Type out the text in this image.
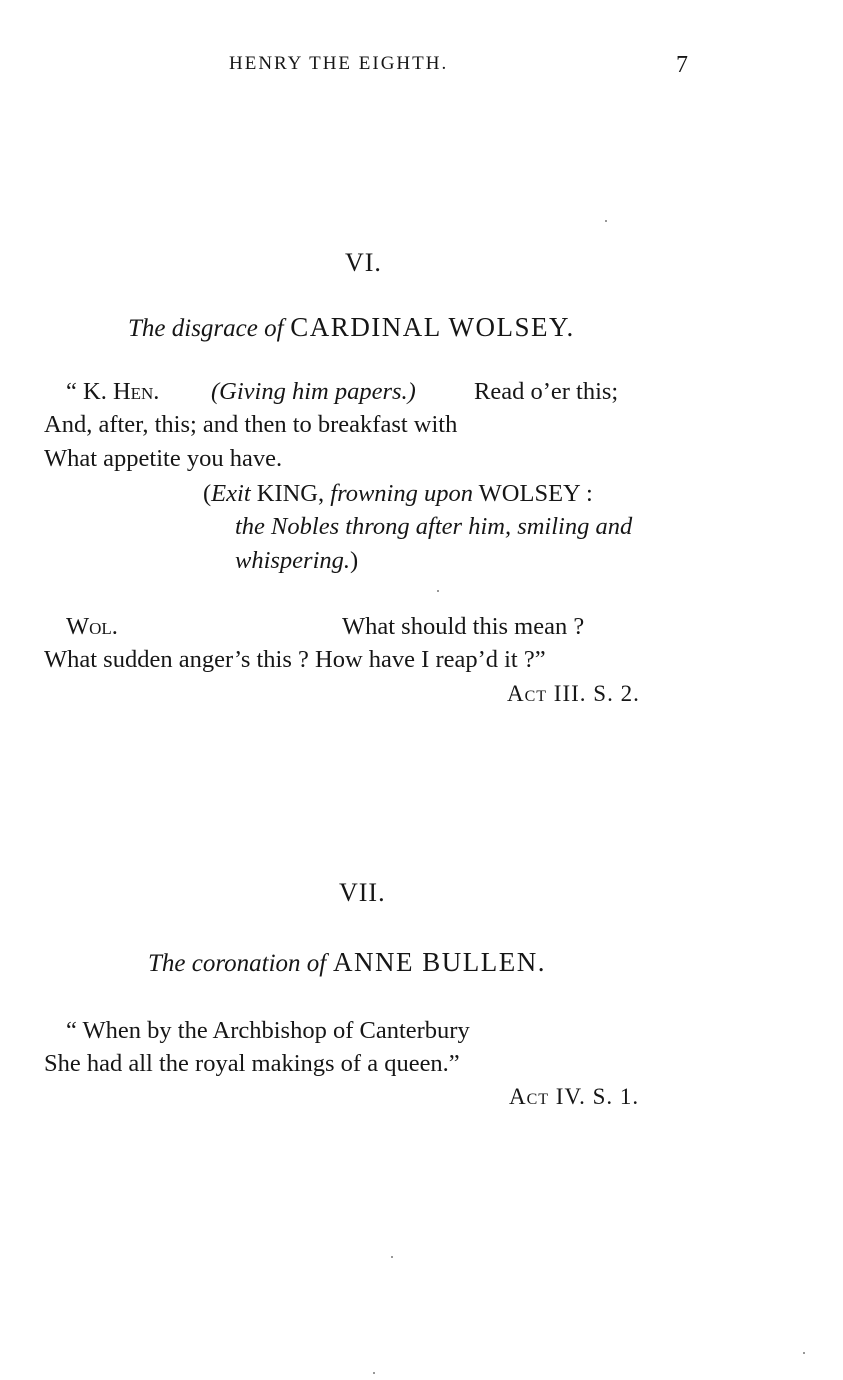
HENRY THE EIGHTH.	7
VI.
The disgrace of CARDINAL WOLSEY.
“ K. Hen. (Giving him papers.) Read o’er this;
And, after, this; and then to breakfast with
What appetite you have.
(Exit KING, frowning upon WOLSEY :
the Nobles throng after him, smiling and
whispering.)
Wol.	What should this mean ?
What sudden anger’s this ? How have I reap’d it ?”
Act III. S. 2.
VII.
The coronation of ANNE BULLEN.
“ When by the Archbishop of Canterbury
She had all the royal makings of a queen.”
Act IV. S. 1.
